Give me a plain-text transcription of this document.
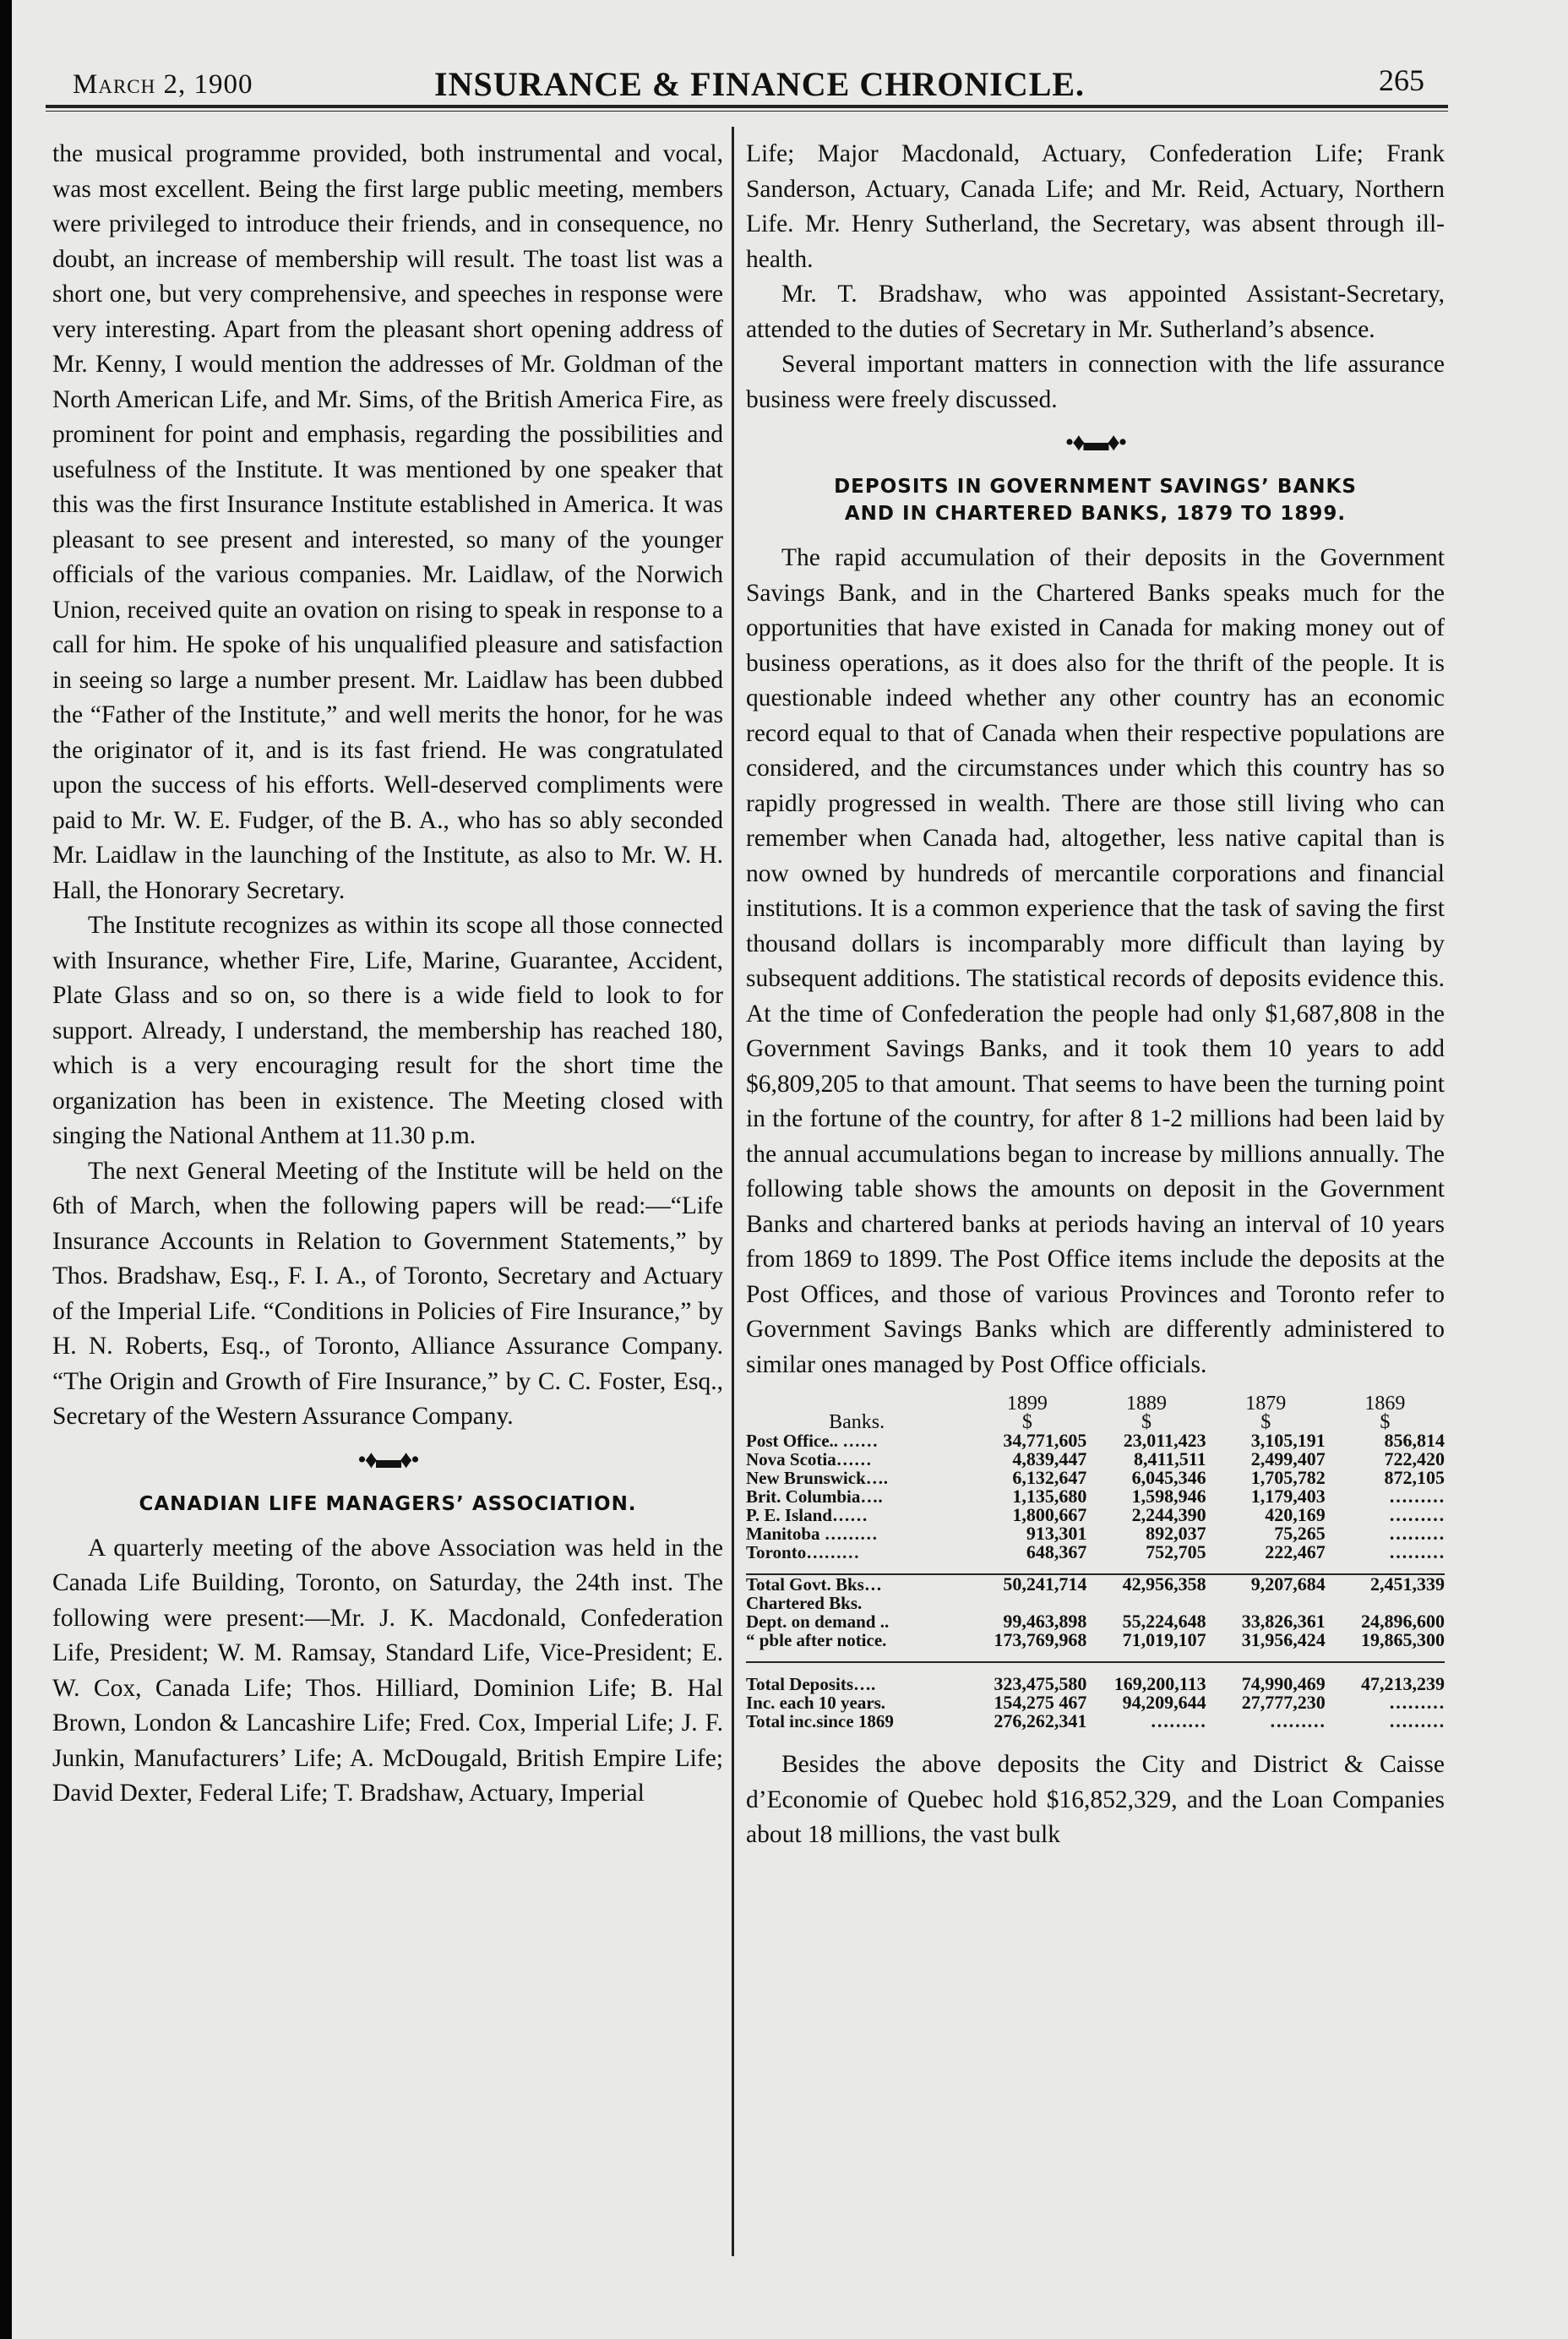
March 2, 1900	INSURANCE & FINANCE CHRONICLE.	265

the musical programme provided, both instrumental and vocal, was most excellent. Being the first large public meeting, members were privileged to introduce their friends, and in consequence, no doubt, an increase of membership will result. The toast list was a short one, but very comprehensive, and speeches in response were very interesting. Apart from the pleasant short opening address of Mr. Kenny, I would mention the addresses of Mr. Goldman of the North American Life, and Mr. Sims, of the British America Fire, as prominent for point and emphasis, regarding the possibilities and usefulness of the Institute. It was mentioned by one speaker that this was the first Insurance Institute established in America. It was pleasant to see present and interested, so many of the younger officials of the various companies. Mr. Laidlaw, of the Norwich Union, received quite an ovation on rising to speak in response to a call for him. He spoke of his unqualified pleasure and satisfaction in seeing so large a number present. Mr. Laidlaw has been dubbed the “Father of the Institute,” and well merits the honor, for he was the originator of it, and is its fast friend. He was congratulated upon the success of his efforts. Well-deserved compliments were paid to Mr. W. E. Fudger, of the B. A., who has so ably seconded Mr. Laidlaw in the launching of the Institute, as also to Mr. W. H. Hall, the Honorary Secretary.

The Institute recognizes as within its scope all those connected with Insurance, whether Fire, Life, Marine, Guarantee, Accident, Plate Glass and so on, so there is a wide field to look to for support. Already, I understand, the membership has reached 180, which is a very encouraging result for the short time the organization has been in existence. The Meeting closed with singing the National Anthem at 11.30 p.m.

The next General Meeting of the Institute will be held on the 6th of March, when the following papers will be read:—“Life Insurance Accounts in Relation to Government Statements,” by Thos. Bradshaw, Esq., F. I. A., of Toronto, Secretary and Actuary of the Imperial Life. “Conditions in Policies of Fire Insurance,” by H. N. Roberts, Esq., of Toronto, Alliance Assurance Company. “The Origin and Growth of Fire Insurance,” by C. C. Foster, Esq., Secretary of the Western Assurance Company.

•♦▬♦•
CANADIAN LIFE MANAGERS’ ASSOCIATION.

A quarterly meeting of the above Association was held in the Canada Life Building, Toronto, on Saturday, the 24th inst. The following were present:—Mr. J. K. Macdonald, Confederation Life, President; W. M. Ramsay, Standard Life, Vice-President; E. W. Cox, Canada Life; Thos. Hilliard, Dominion Life; B. Hal Brown, London & Lancashire Life; Fred. Cox, Imperial Life; J. F. Junkin, Manufacturers’ Life; A. McDougald, British Empire Life; David Dexter, Federal Life; T. Bradshaw, Actuary, Imperial

Life; Major Macdonald, Actuary, Confederation Life; Frank Sanderson, Actuary, Canada Life; and Mr. Reid, Actuary, Northern Life. Mr. Henry Sutherland, the Secretary, was absent through ill-health.

Mr. T. Bradshaw, who was appointed Assistant-Secretary, attended to the duties of Secretary in Mr. Sutherland’s absence.

Several important matters in connection with the life assurance business were freely discussed.

•♦▬♦•
DEPOSITS IN GOVERNMENT SAVINGS’ BANKS
AND IN CHARTERED BANKS, 1879 TO 1899.

The rapid accumulation of their deposits in the Government Savings Bank, and in the Chartered Banks speaks much for the opportunities that have existed in Canada for making money out of business operations, as it does also for the thrift of the people. It is questionable indeed whether any other country has an economic record equal to that of Canada when their respective populations are considered, and the circumstances under which this country has so rapidly progressed in wealth. There are those still living who can remember when Canada had, altogether, less native capital than is now owned by hundreds of mercantile corporations and financial institutions. It is a common experience that the task of saving the first thousand dollars is incomparably more difficult than laying by subsequent additions. The statistical records of deposits evidence this. At the time of Confederation the people had only $1,687,808 in the Government Savings Banks, and it took them 10 years to add $6,809,205 to that amount. That seems to have been the turning point in the fortune of the country, for after 8 1-2 millions had been laid by the annual accumulations began to increase by millions annually. The following table shows the amounts on deposit in the Government Banks and chartered banks at periods having an interval of 10 years from 1869 to 1899. The Post Office items include the deposits at the Post Offices, and those of various Provinces and Toronto refer to Government Savings Banks which are differently administered to similar ones managed by Post Office officials.

	1899	1889	1879	1869
Banks.	$	$	$	$
Post Office.. ……	34,771,605	23,011,423	3,105,191	856,814
Nova Scotia……	4,839,447	8,411,511	2,499,407	722,420
New Brunswick….	6,132,647	6,045,346	1,705,782	872,105
Brit. Columbia….	1,135,680	1,598,946	1,179,403	………
P. E. Island……	1,800,667	2,244,390	420,169	………
Manitoba ………	913,301	892,037	75,265	………
Toronto………	648,367	752,705	222,467	………

Total Govt. Bks…	50,241,714	42,956,358	9,207,684	2,451,339
Chartered Bks.				
Dept. on demand ..	99,463,898	55,224,648	33,826,361	24,896,600
“ pble after notice.	173,769,968	71,019,107	31,956,424	19,865,300

Total Deposits….	323,475,580	169,200,113	74,990,469	47,213,239
Inc. each 10 years.	154,275 467	94,209,644	27,777,230	………
Total inc.since 1869	276,262,341	………	………	………

Besides the above deposits the City and District & Caisse d’Economie of Quebec hold $16,852,329, and the Loan Companies about 18 millions, the vast bulk
